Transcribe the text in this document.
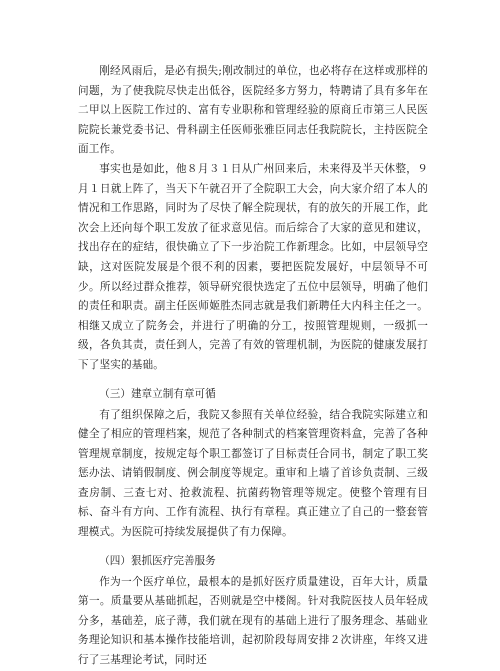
刚经风雨后，是必有损失;刚改制过的单位，也必将存在这样或那样的问题，为了使我院尽快走出低谷，医院经多方努力，特聘请了具有多年在二甲以上医院工作过的、富有专业职称和管理经验的原商丘市第三人民医院院长兼党委书记、骨科副主任医师张雅臣同志任我院院长，主持医院全面工作。

事实也是如此，他８月３１日从广州回来后，未来得及半天休整，９月１日就上阵了，当天下午就召开了全院职工大会，向大家介绍了本人的情况和工作思路，同时为了尽快了解全院现状，有的放矢的开展工作，此次会上还向每个职工发放了征求意见信。而后综合了大家的意见和建议，找出存在的症结，很快确立了下一步治院工作新理念。比如，中层领导空缺，这对医院发展是个很不利的因素，要把医院发展好，中层领导不可少。所以经过群众推荐，领导研究很快选定了五位中层领导，明确了他们的责任和职责。副主任医师姬胜杰同志就是我们新聘任大内科主任之一。相继又成立了院务会，并进行了明确的分工，按照管理规则，一级抓一级，各负其责，责任到人，完善了有效的管理机制，为医院的健康发展打下了坚实的基础。

（三）建章立制有章可循

有了组织保障之后，我院又参照有关单位经验，结合我院实际建立和健全了相应的管理档案，规范了各种制式的档案管理资料盒，完善了各种管理规章制度，按规定每个职工都签订了目标责任合同书，制定了职工奖惩办法、请销假制度、例会制度等规定。重审和上墙了首诊负责制、三级查房制、三查七对、抢救流程、抗菌药物管理等规定。使整个管理有目标、奋斗有方向、工作有流程、执行有章程。真正建立了自己的一整套管理模式。为医院可持续发展提供了有力保障。

（四）狠抓医疗完善服务

作为一个医疗单位，最根本的是抓好医疗质量建设，百年大计，质量第一。质量要从基础抓起，否则就是空中楼阁。针对我院医技人员年轻成分多，基础差，底子薄，我们就在现有的基础上进行了服务理念、基础业务理论知识和基本操作技能培训，起初阶段每周安排２次讲座，年终又进行了三基理论考试，同时还
